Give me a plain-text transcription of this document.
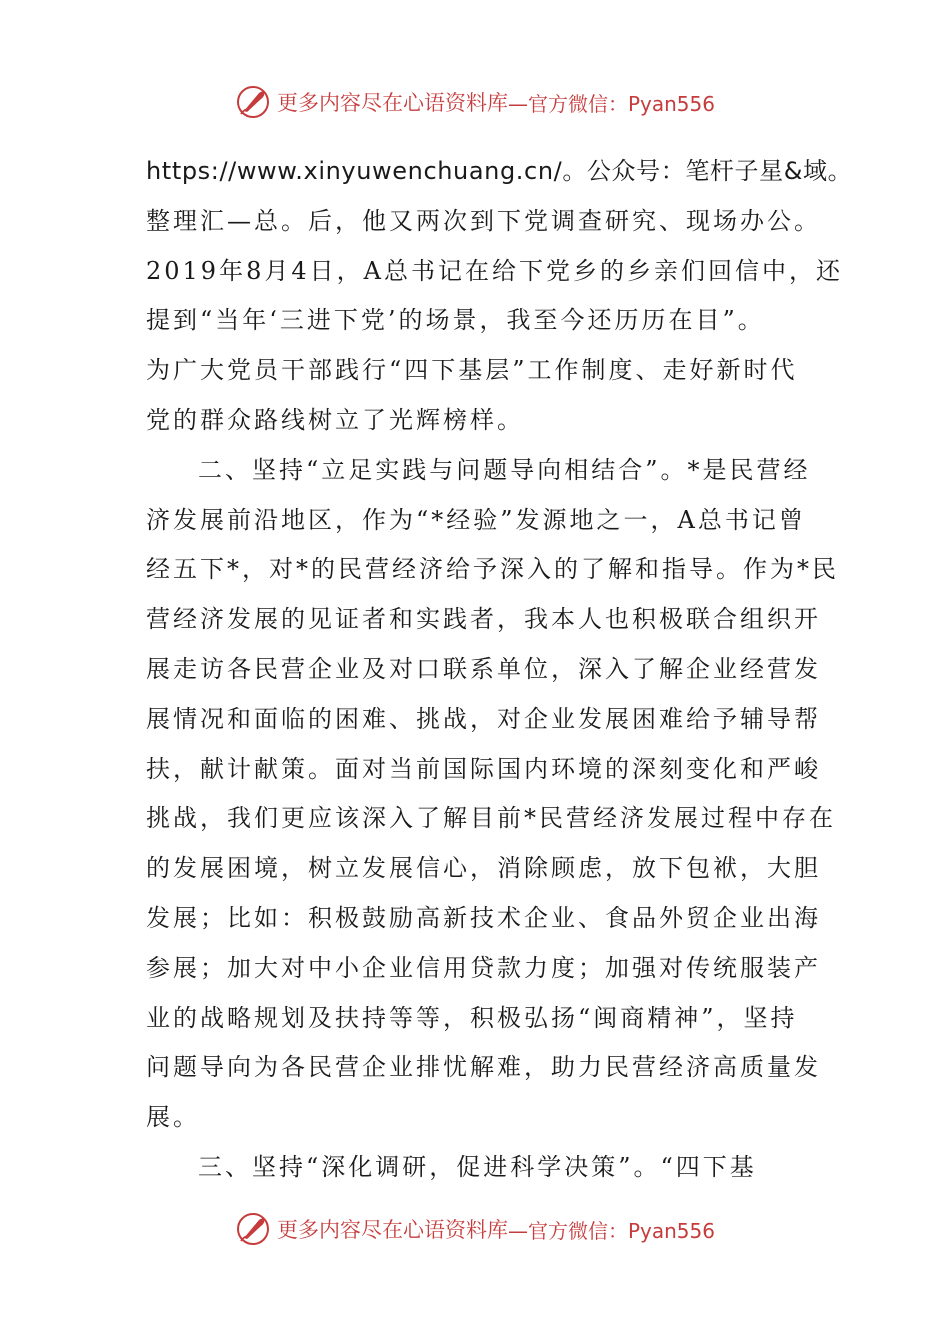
更多内容尽在心语资料库 —官方微信：Pyan556
https://www.xinyuwenchuang.cn/。公众号：笔杆子星&域。
整理汇—总。后，他又两次到下党调查研究、现场办公。
2019年8月4日，A总书记在给下党乡的乡亲们回信中，还
提到“当年‘三进下党’的场景，我至今还历历在目”。
为广大党员干部践行“四下基层”工作制度、走好新时代
党的群众路线树立了光辉榜样。
二、坚持“立足实践与问题导向相结合”。*是民营经
济发展前沿地区，作为“*经验”发源地之一，A总书记曾
经五下*，对*的民营经济给予深入的了解和指导。作为*民
营经济发展的见证者和实践者，我本人也积极联合组织开
展走访各民营企业及对口联系单位，深入了解企业经营发
展情况和面临的困难、挑战，对企业发展困难给予辅导帮
扶，献计献策。面对当前国际国内环境的深刻变化和严峻
挑战，我们更应该深入了解目前*民营经济发展过程中存在
的发展困境，树立发展信心，消除顾虑，放下包袱，大胆
发展；比如：积极鼓励高新技术企业、食品外贸企业出海
参展；加大对中小企业信用贷款力度；加强对传统服装产
业的战略规划及扶持等等，积极弘扬“闽商精神”，坚持
问题导向为各民营企业排忧解难，助力民营经济高质量发
展。
三、坚持“深化调研，促进科学决策”。“四下基
更多内容尽在心语资料库 —官方微信：Pyan556
